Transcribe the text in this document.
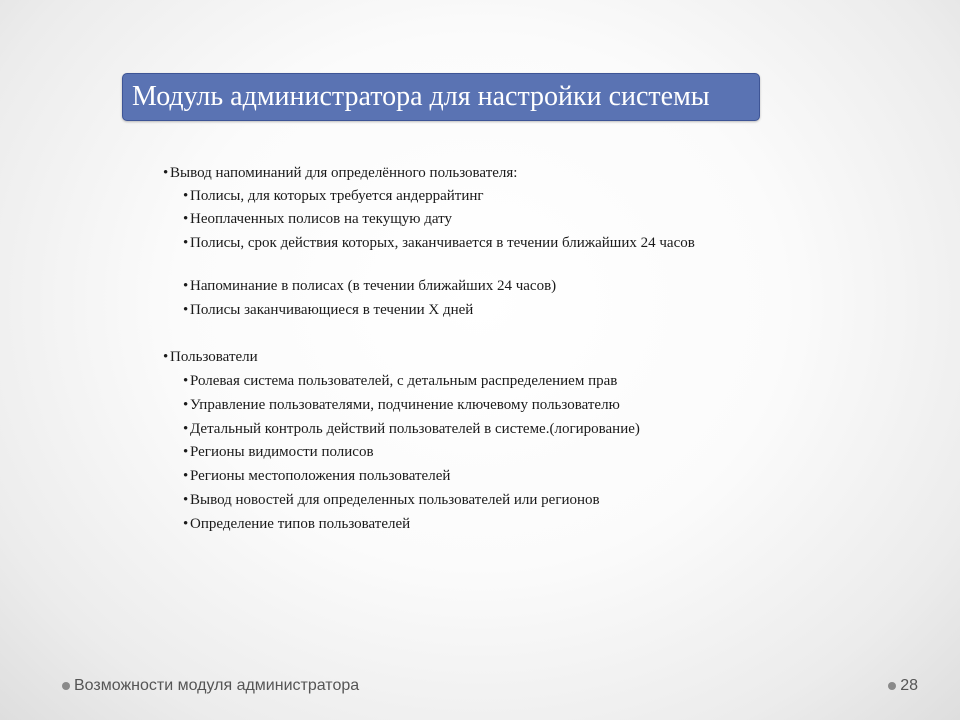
Модуль администратора для настройки системы
• Вывод напоминаний для определённого пользователя:
• Полисы, для которых требуется андеррайтинг
• Неоплаченных полисов на текущую дату
• Полисы, срок действия которых, заканчивается в течении ближайших 24 часов
• Напоминание в полисах (в течении ближайших 24 часов)
• Полисы заканчивающиеся в течении Х дней
• Пользователи
• Ролевая система пользователей, с детальным распределением прав
• Управление пользователями, подчинение ключевому пользователю
• Детальный контроль действий пользователей в системе.(логирование)
• Регионы видимости полисов
• Регионы местоположения пользователей
• Вывод новостей для определенных пользователей или регионов
• Определение типов пользователей
Возможности модуля администратора	28
